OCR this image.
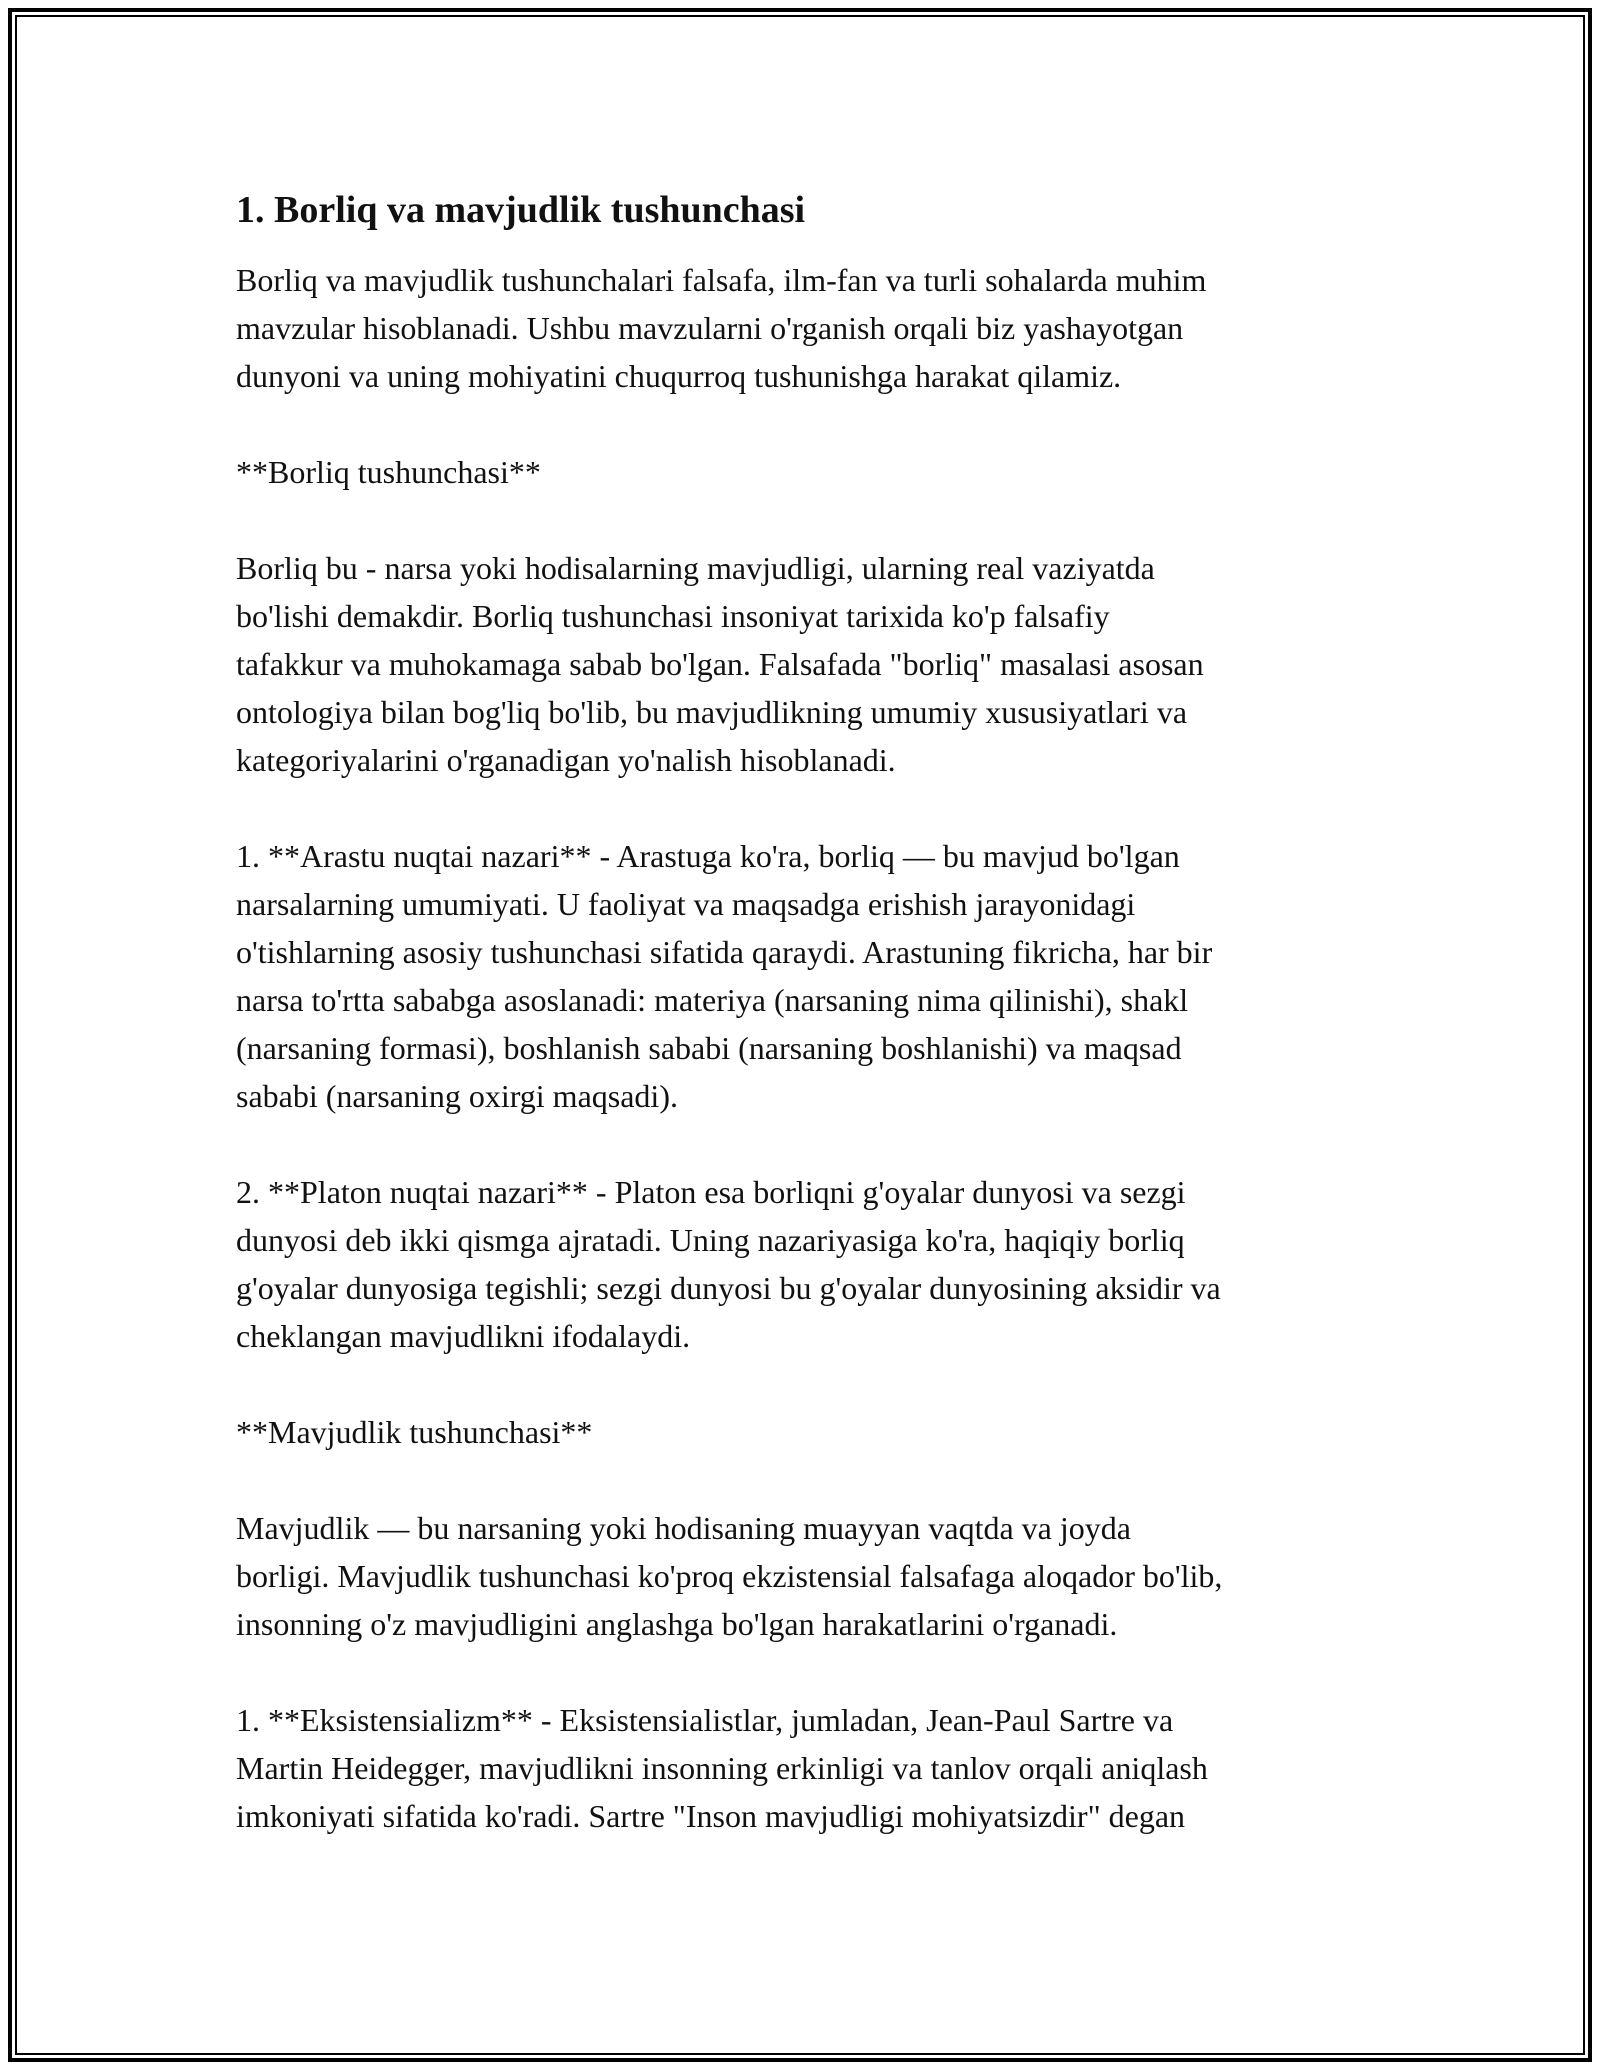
1. Borliq va mavjudlik tushunchasi
Borliq va mavjudlik tushunchalari falsafa, ilm-fan va turli sohalarda muhim
mavzular hisoblanadi. Ushbu mavzularni o'rganish orqali biz yashayotgan
dunyoni va uning mohiyatini chuqurroq tushunishga harakat qilamiz.
**Borliq tushunchasi**
Borliq bu - narsa yoki hodisalarning mavjudligi, ularning real vaziyatda
bo'lishi demakdir. Borliq tushunchasi insoniyat tarixida ko'p falsafiy
tafakkur va muhokamaga sabab bo'lgan. Falsafada "borliq" masalasi asosan
ontologiya bilan bog'liq bo'lib, bu mavjudlikning umumiy xususiyatlari va
kategoriyalarini o'rganadigan yo'nalish hisoblanadi.
1. **Arastu nuqtai nazari** - Arastuga ko'ra, borliq — bu mavjud bo'lgan
narsalarning umumiyati. U faoliyat va maqsadga erishish jarayonidagi
o'tishlarning asosiy tushunchasi sifatida qaraydi. Arastuning fikricha, har bir
narsa to'rtta sababga asoslanadi: materiya (narsaning nima qilinishi), shakl
(narsaning formasi), boshlanish sababi (narsaning boshlanishi) va maqsad
sababi (narsaning oxirgi maqsadi).
2. **Platon nuqtai nazari** - Platon esa borliqni g'oyalar dunyosi va sezgi
dunyosi deb ikki qismga ajratadi. Uning nazariyasiga ko'ra, haqiqiy borliq
g'oyalar dunyosiga tegishli; sezgi dunyosi bu g'oyalar dunyosining aksidir va
cheklangan mavjudlikni ifodalaydi.
**Mavjudlik tushunchasi**
Mavjudlik — bu narsaning yoki hodisaning muayyan vaqtda va joyda
borligi. Mavjudlik tushunchasi ko'proq ekzistensial falsafaga aloqador bo'lib,
insonning o'z mavjudligini anglashga bo'lgan harakatlarini o'rganadi.
1. **Eksistensializm** - Eksistensialistlar, jumladan, Jean-Paul Sartre va
Martin Heidegger, mavjudlikni insonning erkinligi va tanlov orqali aniqlash
imkoniyati sifatida ko'radi. Sartre "Inson mavjudligi mohiyatsizdir" degan
